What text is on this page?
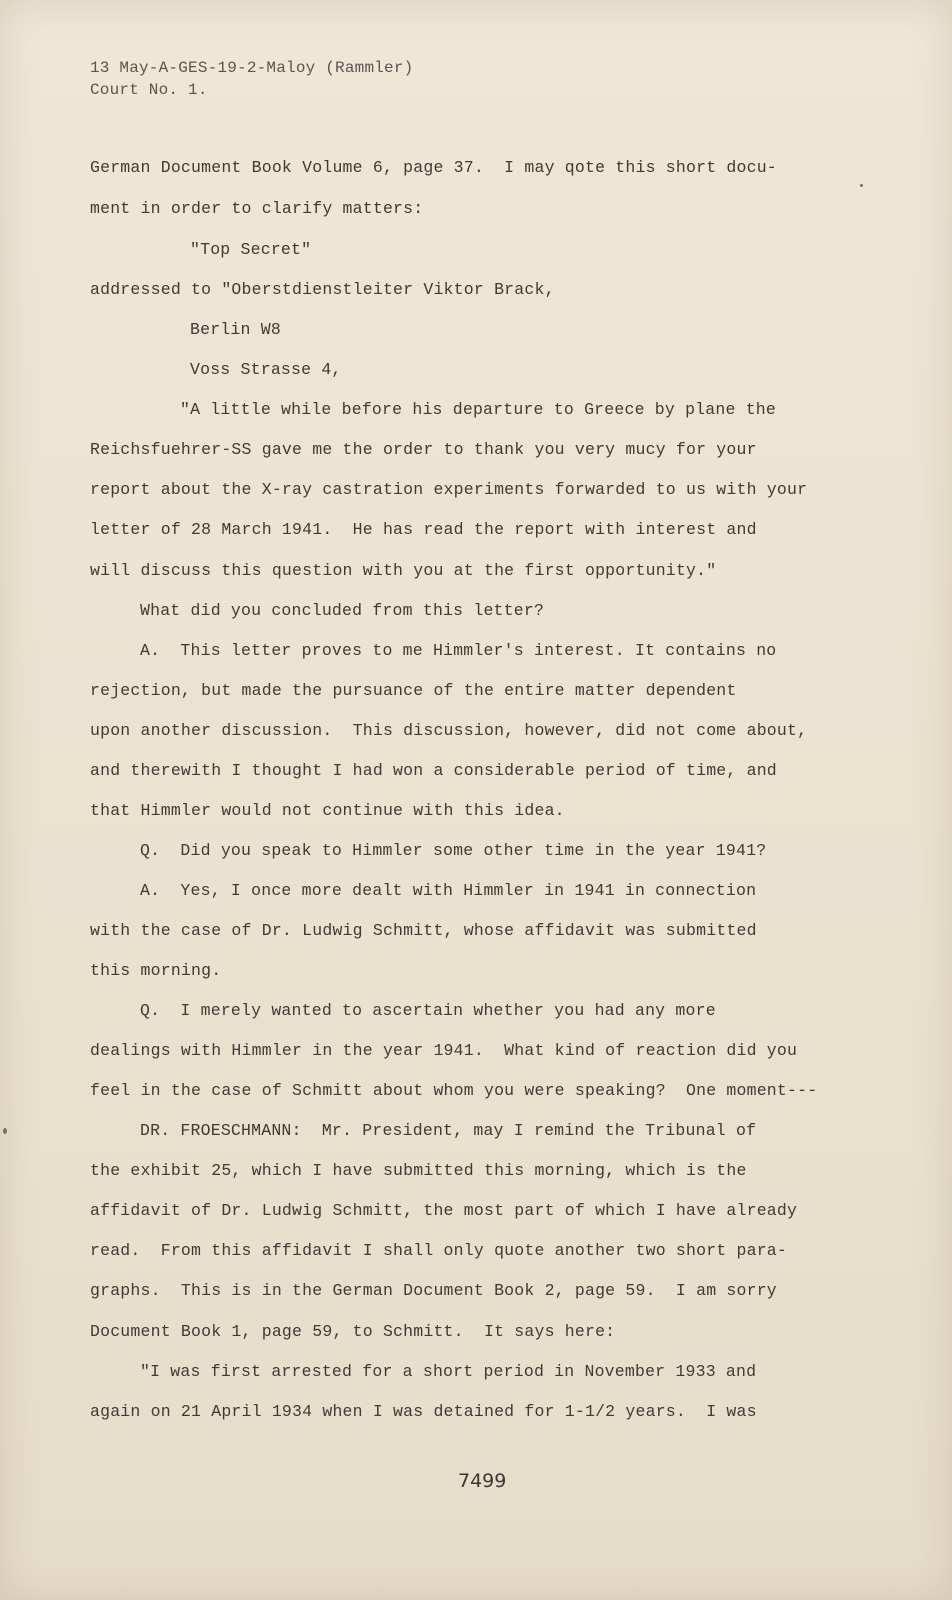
13 May-A-GES-19-2-Maloy (Rammler)
Court No. 1.
German Document Book Volume 6, page 37.  I may qote this short docu-
ment in order to clarify matters:
"Top Secret"
addressed to "Oberstdienstleiter Viktor Brack,
Berlin W8
Voss Strasse 4,
"A little while before his departure to Greece by plane the
Reichsfuehrer-SS gave me the order to thank you very mucy for your
report about the X-ray castration experiments forwarded to us with your
letter of 28 March 1941.  He has read the report with interest and
will discuss this question with you at the first opportunity."
What did you concluded from this letter?
A.  This letter proves to me Himmler's interest. It contains no
rejection, but made the pursuance of the entire matter dependent
upon another discussion.  This discussion, however, did not come about,
and therewith I thought I had won a considerable period of time, and
that Himmler would not continue with this idea.
Q.  Did you speak to Himmler some other time in the year 1941?
A.  Yes, I once more dealt with Himmler in 1941 in connection
with the case of Dr. Ludwig Schmitt, whose affidavit was submitted
this morning.
Q.  I merely wanted to ascertain whether you had any more
dealings with Himmler in the year 1941.  What kind of reaction did you
feel in the case of Schmitt about whom you were speaking?  One moment---
DR. FROESCHMANN:  Mr. President, may I remind the Tribunal of
the exhibit 25, which I have submitted this morning, which is the
affidavit of Dr. Ludwig Schmitt, the most part of which I have already
read.  From this affidavit I shall only quote another two short para-
graphs.  This is in the German Document Book 2, page 59.  I am sorry
Document Book 1, page 59, to Schmitt.  It says here:
"I was first arrested for a short period in November 1933 and
again on 21 April 1934 when I was detained for 1-1/2 years.  I was
7499
